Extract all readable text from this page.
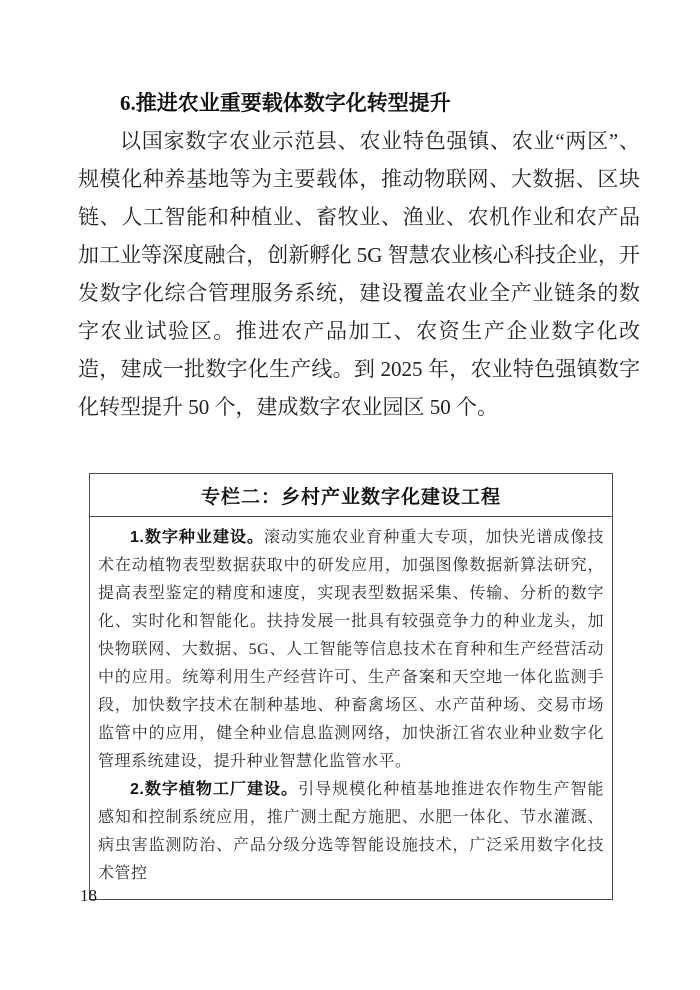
6.推进农业重要载体数字化转型提升

以国家数字农业示范县、农业特色强镇、农业“两区”、规模化种养基地等为主要载体，推动物联网、大数据、区块链、人工智能和种植业、畜牧业、渔业、农机作业和农产品加工业等深度融合，创新孵化 5G 智慧农业核心科技企业，开发数字化综合管理服务系统，建设覆盖农业全产业链条的数字农业试验区。推进农产品加工、农资生产企业数字化改造，建成一批数字化生产线。到 2025 年，农业特色强镇数字化转型提升 50 个，建成数字农业园区 50 个。

专栏二：乡村产业数字化建设工程

1.数字种业建设。滚动实施农业育种重大专项，加快光谱成像技术在动植物表型数据获取中的研发应用，加强图像数据新算法研究，提高表型鉴定的精度和速度，实现表型数据采集、传输、分析的数字化、实时化和智能化。扶持发展一批具有较强竞争力的种业龙头，加快物联网、大数据、5G、人工智能等信息技术在育种和生产经营活动中的应用。统筹利用生产经营许可、生产备案和天空地一体化监测手段，加快数字技术在制种基地、种畜禽场区、水产苗种场、交易市场监管中的应用，健全种业信息监测网络，加快浙江省农业种业数字化管理系统建设，提升种业智慧化监管水平。

2.数字植物工厂建设。引导规模化种植基地推进农作物生产智能感知和控制系统应用，推广测土配方施肥、水肥一体化、节水灌溉、病虫害监测防治、产品分级分选等智能设施技术，广泛采用数字化技术管控

18
